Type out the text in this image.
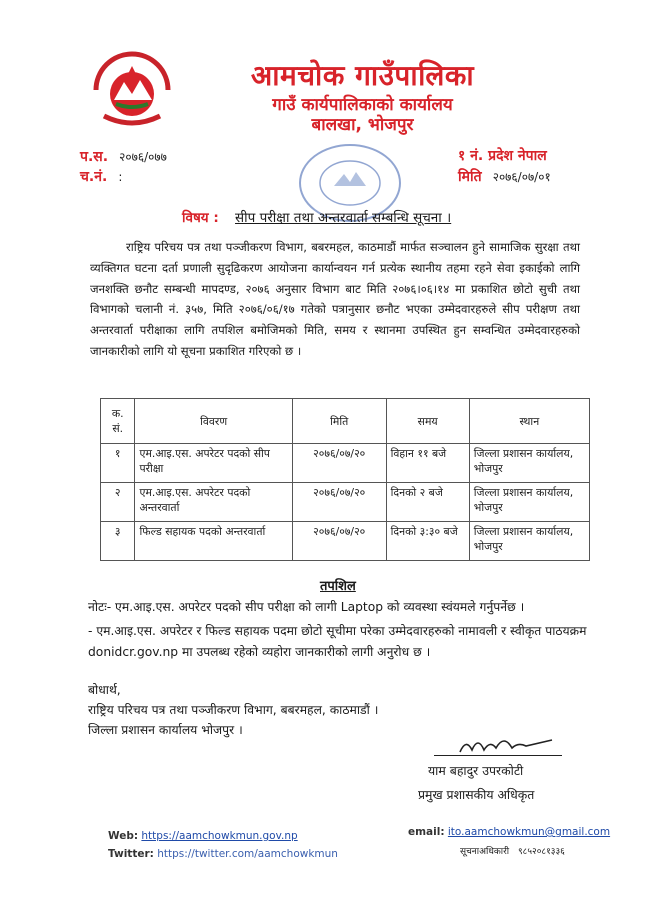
आमचोक गाउँपालिका
गाउँ कार्यपालिकाको कार्यालय
बालखा, भोजपुर
प.स. २०७६/०७७
च.नं. :
१ नं. प्रदेश नेपाल
मिति २०७६/०७/०१
विषय : सीप परीक्षा तथा अन्तरवार्ता सम्बन्धि सूचना ।
राष्ट्रिय परिचय पत्र तथा पञ्जीकरण विभाग, बबरमहल, काठमाडौं मार्फत सञ्चालन हुने सामाजिक सुरक्षा तथा व्यक्तिगत घटना दर्ता प्रणाली सुदृढिकरण आयोजना कार्यान्वयन गर्न प्रत्येक स्थानीय तहमा रहने सेवा इकाईको लागि जनशक्ति छनौट सम्बन्धी मापदण्ड, २०७६ अनुसार विभाग बाट मिति २०७६।०६।१४ मा प्रकाशित छोटो सुची तथा विभागको चलानी नं. ३५७, मिति २०७६/०६/१७ गतेको पत्रानुसार छनौट भएका उम्मेदवारहरुले सीप परीक्षण तथा अन्तरवार्ता परीक्षाका लागि तपशिल बमोजिमको मिति, समय र स्थानमा उपस्थित हुन सम्वन्धित उम्मेदवारहरुको जानकारीको लागि यो सूचना प्रकाशित गरिएको छ ।
क. सं.	विवरण	मिति	समय	स्थान
१	एम.आइ.एस. अपरेटर पदको सीप परीक्षा	२०७६/०७/२०	विहान ११ बजे	जिल्ला प्रशासन कार्यालय, भोजपुर
२	एम.आइ.एस. अपरेटर पदको अन्तरवार्ता	२०७६/०७/२०	दिनको २ बजे	जिल्ला प्रशासन कार्यालय, भोजपुर
३	फिल्ड सहायक पदको अन्तरवार्ता	२०७६/०७/२०	दिनको ३:३० बजे	जिल्ला प्रशासन कार्यालय, भोजपुर
तपशिल
नोटः- एम.आइ.एस. अपरेटर पदको सीप परीक्षा को लागी Laptop को व्यवस्था स्वंयमले गर्नुपर्नेछ ।
- एम.आइ.एस. अपरेटर र फिल्ड सहायक पदमा छोटो सूचीमा परेका उम्मेदवारहरुको नामावली र स्वीकृत पाठयक्रम donidcr.gov.np मा उपलब्ध रहेको व्यहोरा जानकारीको लागी अनुरोध छ ।
बोधार्थ,
राष्ट्रिय परिचय पत्र तथा पञ्जीकरण विभाग, बबरमहल, काठमाडौं ।
जिल्ला प्रशासन कार्यालय भोजपुर ।
याम बहादुर उपरकोटी
प्रमुख प्रशासकीय अधिकृत
Web: https://aamchowkmun.gov.np
Twitter: https://twitter.com/aamchowkmun
email: ito.aamchowkmun@gmail.com
सूचनाअधिकारी ९८५२०८१३३६
